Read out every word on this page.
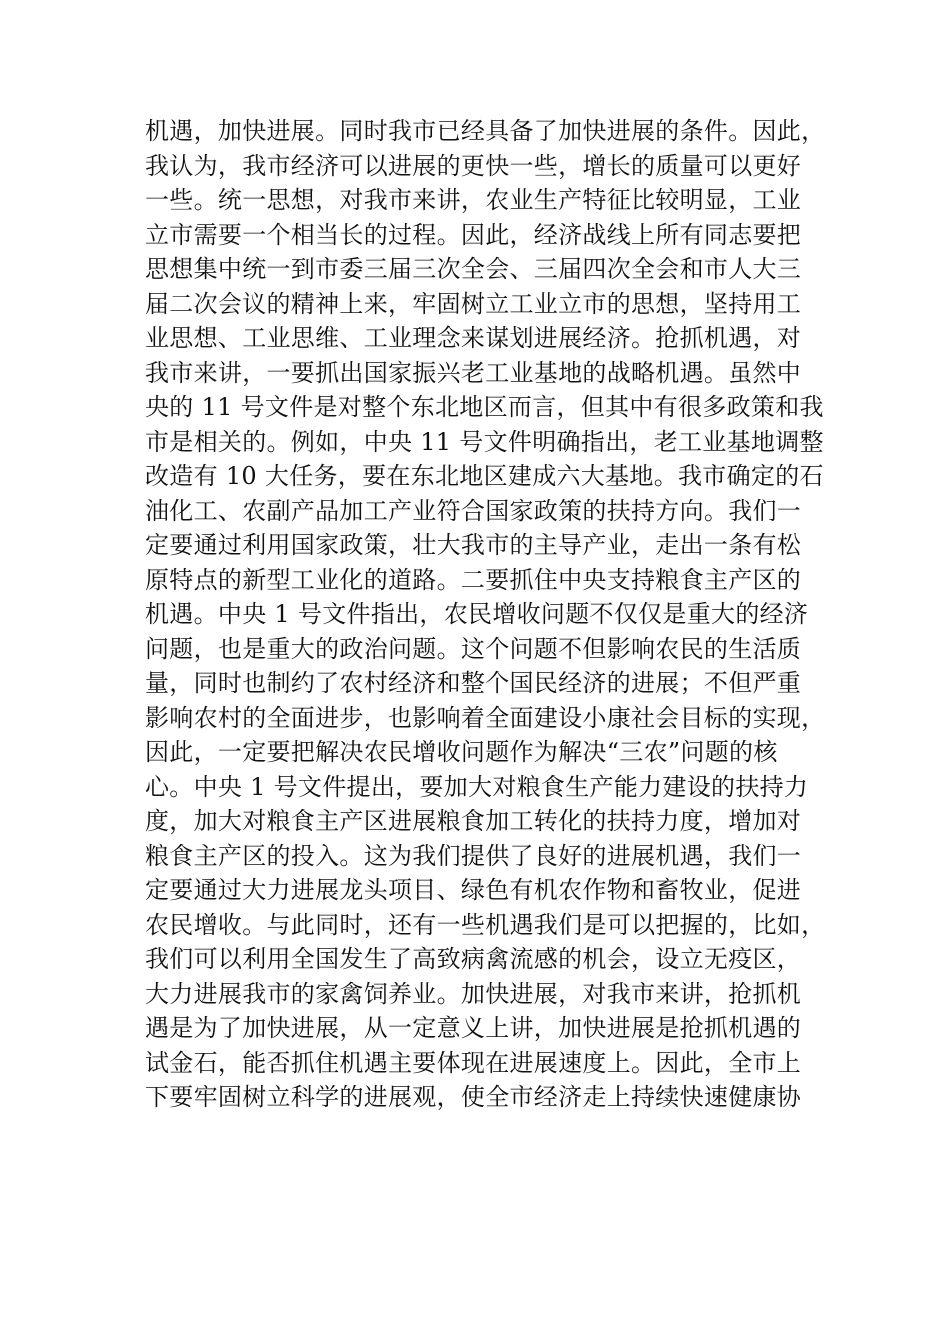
机遇，加快进展。同时我市已经具备了加快进展的条件。因此，
我认为，我市经济可以进展的更快一些，增长的质量可以更好
一些。统一思想，对我市来讲，农业生产特征比较明显，工业
立市需要一个相当长的过程。因此，经济战线上所有同志要把
思想集中统一到市委三届三次全会、三届四次全会和市人大三
届二次会议的精神上来，牢固树立工业立市的思想，坚持用工
业思想、工业思维、工业理念来谋划进展经济。抢抓机遇，对
我市来讲，一要抓出国家振兴老工业基地的战略机遇。虽然中
央的 11 号文件是对整个东北地区而言，但其中有很多政策和我
市是相关的。例如，中央 11 号文件明确指出，老工业基地调整
改造有 10 大任务，要在东北地区建成六大基地。我市确定的石
油化工、农副产品加工产业符合国家政策的扶持方向。我们一
定要通过利用国家政策，壮大我市的主导产业，走出一条有松
原特点的新型工业化的道路。二要抓住中央支持粮食主产区的
机遇。中央 1 号文件指出，农民增收问题不仅仅是重大的经济
问题，也是重大的政治问题。这个问题不但影响农民的生活质
量，同时也制约了农村经济和整个国民经济的进展；不但严重
影响农村的全面进步，也影响着全面建设小康社会目标的实现，
因此，一定要把解决农民增收问题作为解决“三农”问题的核
心。中央 1 号文件提出，要加大对粮食生产能力建设的扶持力
度，加大对粮食主产区进展粮食加工转化的扶持力度，增加对
粮食主产区的投入。这为我们提供了良好的进展机遇，我们一
定要通过大力进展龙头项目、绿色有机农作物和畜牧业，促进
农民增收。与此同时，还有一些机遇我们是可以把握的，比如，
我们可以利用全国发生了高致病禽流感的机会，设立无疫区，
大力进展我市的家禽饲养业。加快进展，对我市来讲，抢抓机
遇是为了加快进展，从一定意义上讲，加快进展是抢抓机遇的
试金石，能否抓住机遇主要体现在进展速度上。因此，全市上
下要牢固树立科学的进展观，使全市经济走上持续快速健康协
